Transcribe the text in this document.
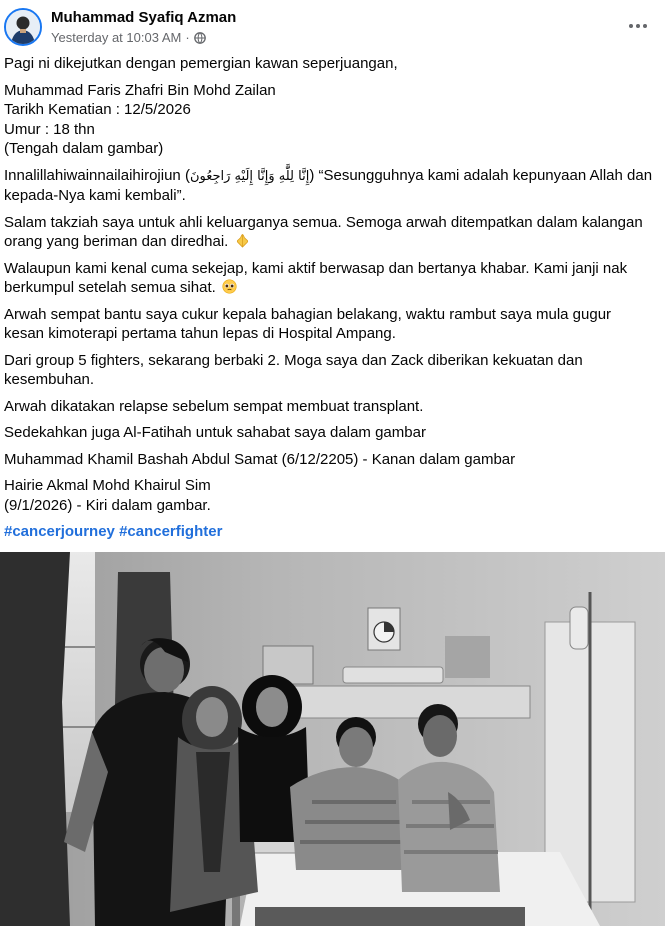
Muhammad Syafiq Azman
Yesterday at 10:03 AM ·

Pagi ni dikejutkan dengan pemergian kawan seperjuangan,

Muhammad Faris Zhafri Bin Mohd Zailan
Tarikh Kematian : 12/5/2026
Umur : 18 thn
(Tengah dalam gambar)

Innalillahiwainnailaihirojiun (إِنَّا لِلَّٰهِ وَإِنَّا إِلَيْهِ رَاجِعُونَ) “Sesungguhnya kami adalah kepunyaan Allah dan kepada-Nya kami kembali”.

Salam takziah saya untuk ahli keluarganya semua. Semoga arwah ditempatkan dalam kalangan orang yang beriman dan diredhai.

Walaupun kami kenal cuma sekejap, kami aktif berwasap dan bertanya khabar. Kami janji nak berkumpul setelah semua sihat.

Arwah sempat bantu saya cukur kepala bahagian belakang, waktu rambut saya mula gugur kesan kimoterapi pertama tahun lepas di Hospital Ampang.

Dari group 5 fighters, sekarang berbaki 2. Moga saya dan Zack diberikan kekuatan dan kesembuhan.

Arwah dikatakan relapse sebelum sempat membuat transplant.

Sedekahkan juga Al-Fatihah untuk sahabat saya dalam gambar

Muhammad Khamil Bashah Abdul Samat (6/12/2205) - Kanan dalam gambar

Hairie Akmal Mohd Khairul Sim
(9/1/2026) - Kiri dalam gambar.

#cancerjourney #cancerfighter
